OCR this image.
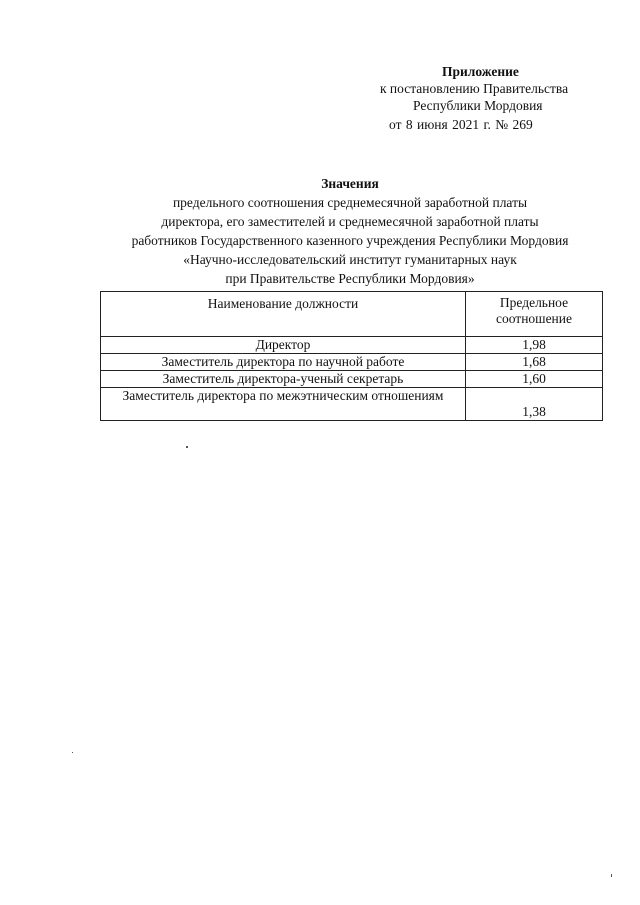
Приложение
к постановлению Правительства
Республики Мордовия
от 8 июня 2021 г. № 269
Значения
предельного соотношения среднемесячной заработной платы
директора, его заместителей и среднемесячной заработной платы
работников Государственного казенного учреждения Республики Мордовия
«Научно-исследовательский институт гуманитарных наук
при Правительстве Республики Мордовия»
Наименование должности	Предельное соотношение
Директор	1,98
Заместитель директора по научной работе	1,68
Заместитель директора-ученый секретарь	1,60
Заместитель директора по межэтническим отношениям	1,38
